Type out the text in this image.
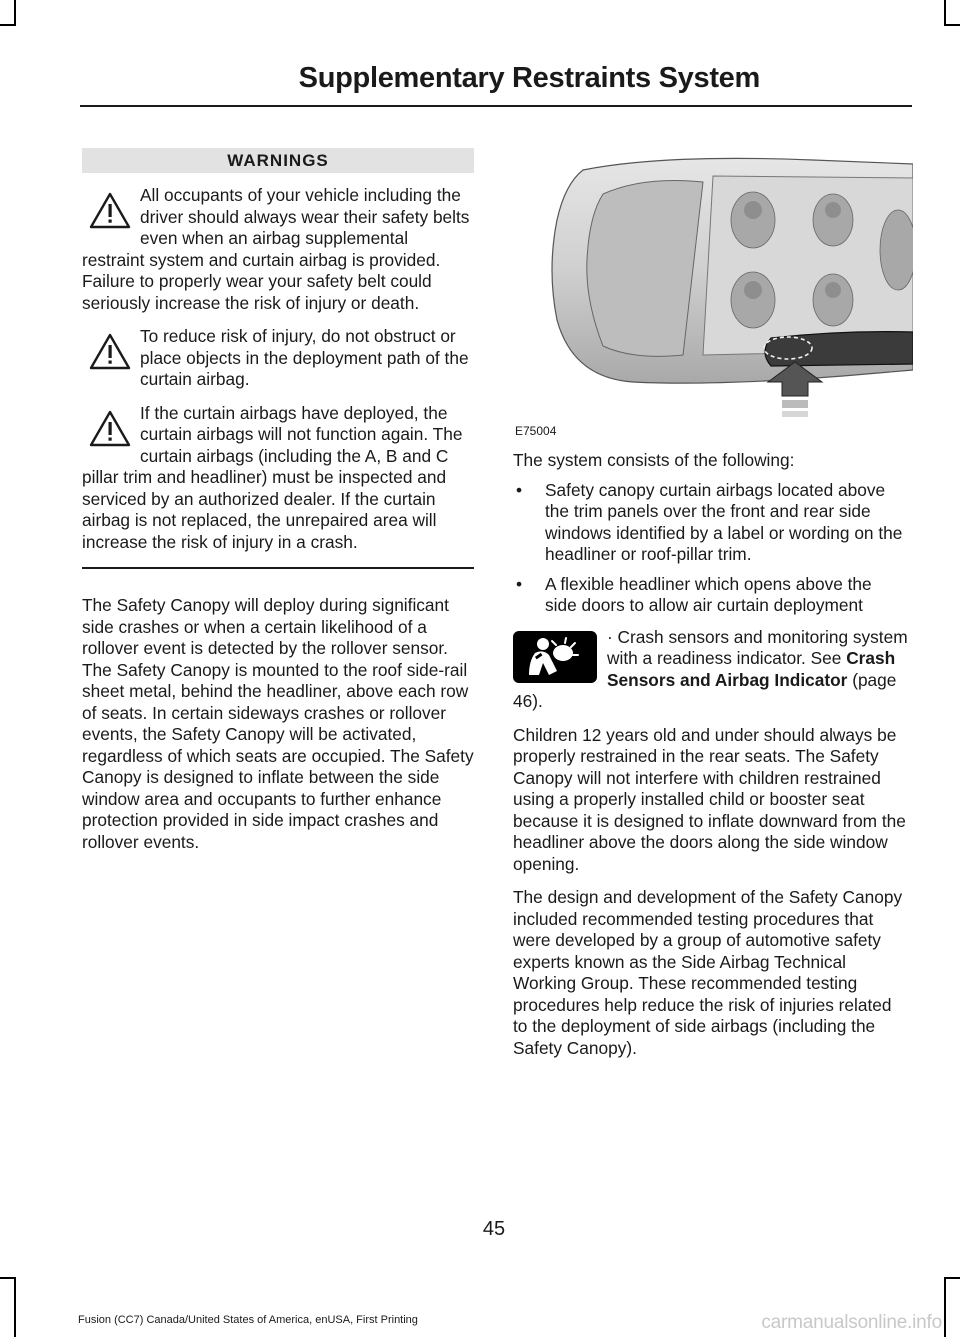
Supplementary Restraints System
WARNINGS
All occupants of your vehicle including the driver should always wear their safety belts even when an airbag supplemental restraint system and curtain airbag is provided. Failure to properly wear your safety belt could seriously increase the risk of injury or death.
To reduce risk of injury, do not obstruct or place objects in the deployment path of the curtain airbag.
If the curtain airbags have deployed, the curtain airbags will not function again. The curtain airbags (including the A, B and C pillar trim and headliner) must be inspected and serviced by an authorized dealer. If the curtain airbag is not replaced, the unrepaired area will increase the risk of injury in a crash.

The Safety Canopy will deploy during significant side crashes or when a certain likelihood of a rollover event is detected by the rollover sensor. The Safety Canopy is mounted to the roof side-rail sheet metal, behind the headliner, above each row of seats. In certain sideways crashes or rollover events, the Safety Canopy will be activated, regardless of which seats are occupied. The Safety Canopy is designed to inflate between the side window area and occupants to further enhance protection provided in side impact crashes and rollover events.

E75004

The system consists of the following:

• Safety canopy curtain airbags located above the trim panels over the front and rear side windows identified by a label or wording on the headliner or roof-pillar trim.
• A flexible headliner which opens above the side doors to allow air curtain deployment
· Crash sensors and monitoring system with a readiness indicator. See Crash Sensors and Airbag Indicator (page 46).

Children 12 years old and under should always be properly restrained in the rear seats. The Safety Canopy will not interfere with children restrained using a properly installed child or booster seat because it is designed to inflate downward from the headliner above the doors along the side window opening.

The design and development of the Safety Canopy included recommended testing procedures that were developed by a group of automotive safety experts known as the Side Airbag Technical Working Group. These recommended testing procedures help reduce the risk of injuries related to the deployment of side airbags (including the Safety Canopy).

45
Fusion (CC7) Canada/United States of America, enUSA, First Printing	carmanualsonline.info
